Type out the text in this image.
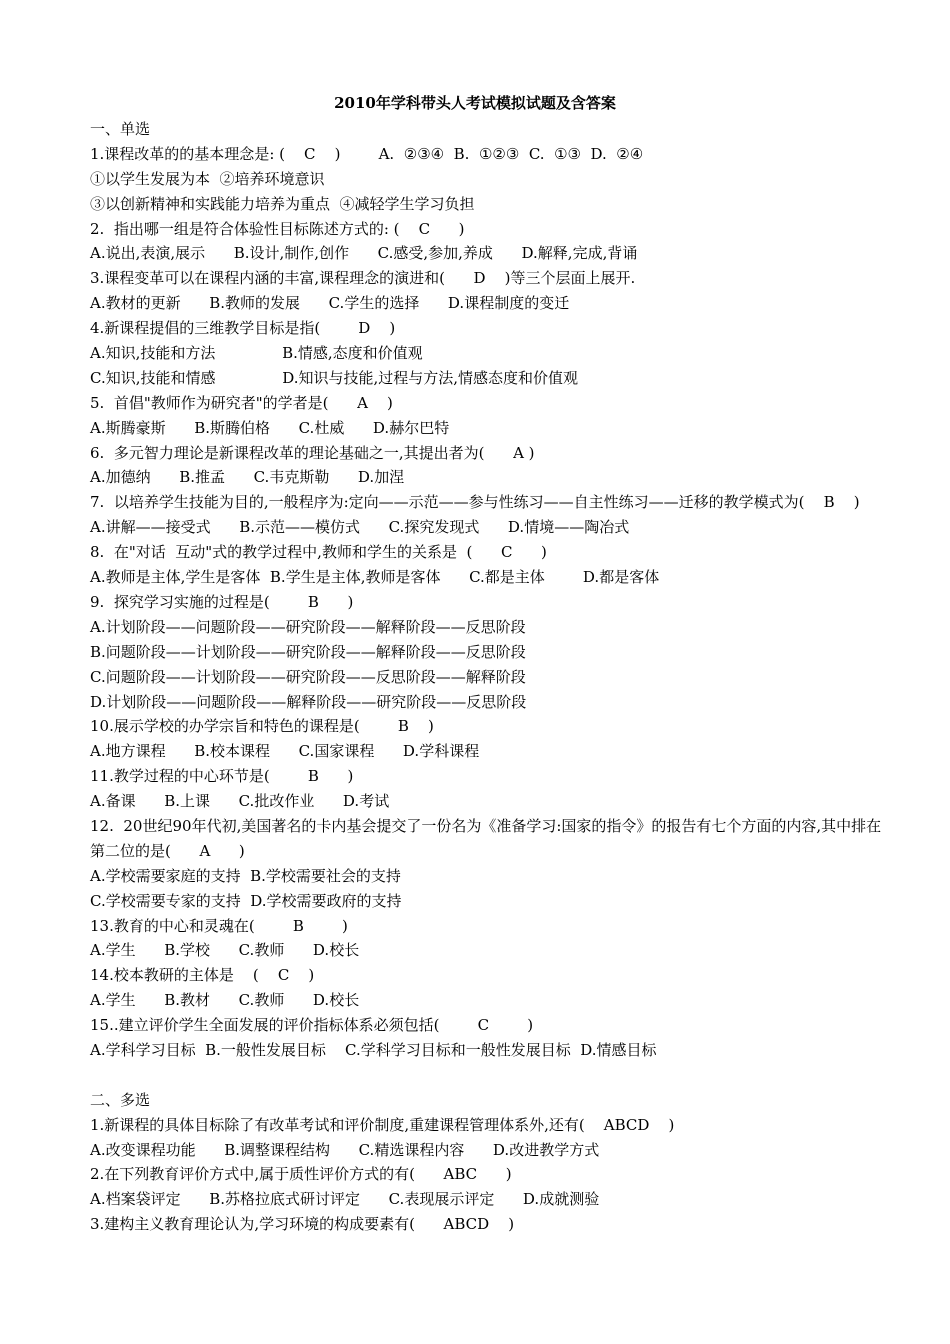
2010年学科带头人考试模拟试题及含答案
一、单选
1.课程改革的的基本理念是: (    C    )        A.  ②③④  B.  ①②③  C.  ①③  D.  ②④
①以学生发展为本  ②培养环境意识
③以创新精神和实践能力培养为重点  ④减轻学生学习负担
2.  指出哪一组是符合体验性目标陈述方式的: (    C      )
A.说出,表演,展示      B.设计,制作,创作      C.感受,参加,养成      D.解释,完成,背诵
3.课程变革可以在课程内涵的丰富,课程理念的演进和(      D    )等三个层面上展开.
A.教材的更新      B.教师的发展      C.学生的选择      D.课程制度的变迁
4.新课程提倡的三维教学目标是指(        D    )
A.知识,技能和方法              B.情感,态度和价值观
C.知识,技能和情感              D.知识与技能,过程与方法,情感态度和价值观
5.  首倡"教师作为研究者"的学者是(      A    )
A.斯腾豪斯      B.斯腾伯格      C.杜威      D.赫尔巴特
6.  多元智力理论是新课程改革的理论基础之一,其提出者为(      A )
A.加德纳      B.推孟      C.韦克斯勒      D.加涅
7.  以培养学生技能为目的,一般程序为:定向——示范——参与性练习——自主性练习——迁移的教学模式为(    B    )
A.讲解——接受式      B.示范——模仿式      C.探究发现式      D.情境——陶冶式
8.  在"对话  互动"式的教学过程中,教师和学生的关系是  (      C      )
A.教师是主体,学生是客体  B.学生是主体,教师是客体      C.都是主体        D.都是客体
9.  探究学习实施的过程是(        B      )
A.计划阶段——问题阶段——研究阶段——解释阶段——反思阶段
B.问题阶段——计划阶段——研究阶段——解释阶段——反思阶段
C.问题阶段——计划阶段——研究阶段——反思阶段——解释阶段
D.计划阶段——问题阶段——解释阶段——研究阶段——反思阶段
10.展示学校的办学宗旨和特色的课程是(        B    )
A.地方课程      B.校本课程      C.国家课程      D.学科课程
11.教学过程的中心环节是(        B      )
A.备课      B.上课      C.批改作业      D.考试
12.  20世纪90年代初,美国著名的卡内基会提交了一份名为《准备学习:国家的指令》的报告有七个方面的内容,其中排在第二位的是(      A      )
A.学校需要家庭的支持  B.学校需要社会的支持
C.学校需要专家的支持  D.学校需要政府的支持
13.教育的中心和灵魂在(        B        )
A.学生      B.学校      C.教师      D.校长
14.校本教研的主体是    (    C    )
A.学生      B.教材      C.教师      D.校长
15..建立评价学生全面发展的评价指标体系必须包括(        C        )
A.学科学习目标  B.一般性发展目标    C.学科学习目标和一般性发展目标  D.情感目标
二、多选
1.新课程的具体目标除了有改革考试和评价制度,重建课程管理体系外,还有(    ABCD    )
A.改变课程功能      B.调整课程结构      C.精选课程内容      D.改进教学方式
2.在下列教育评价方式中,属于质性评价方式的有(      ABC      )
A.档案袋评定      B.苏格拉底式研讨评定      C.表现展示评定      D.成就测验
3.建构主义教育理论认为,学习环境的构成要素有(      ABCD    )
